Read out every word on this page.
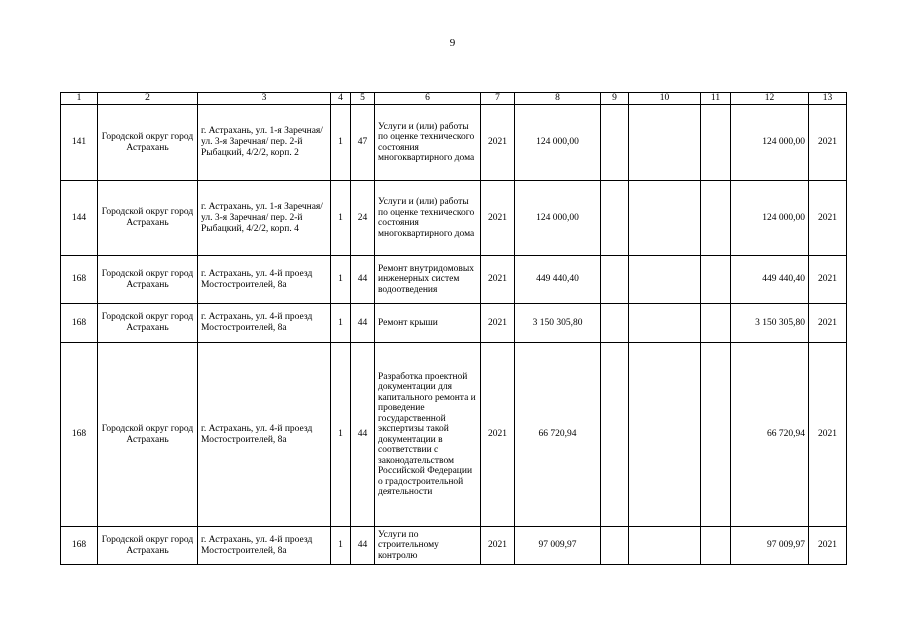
9
1	2	3	4	5	6	7	8	9	10	11	12	13
141	Городской округ город Астрахань	г. Астрахань, ул. 1-я Заречная/ ул. 3-я Заречная/ пер. 2-й Рыбацкий, 4/2/2, корп. 2	1	47	Услуги и (или) работы по оценке технического состояния многоквартирного дома	2021	124 000,00				124 000,00	2021
144	Городской округ город Астрахань	г. Астрахань, ул. 1-я Заречная/ ул. 3-я Заречная/ пер. 2-й Рыбацкий, 4/2/2, корп. 4	1	24	Услуги и (или) работы по оценке технического состояния многоквартирного дома	2021	124 000,00				124 000,00	2021
168	Городской округ город Астрахань	г. Астрахань, ул. 4-й проезд Мостостроителей, 8а	1	44	Ремонт внутридомовых инженерных систем водоотведения	2021	449 440,40				449 440,40	2021
168	Городской округ город Астрахань	г. Астрахань, ул. 4-й проезд Мостостроителей, 8а	1	44	Ремонт крыши	2021	3 150 305,80				3 150 305,80	2021
168	Городской округ город Астрахань	г. Астрахань, ул. 4-й проезд Мостостроителей, 8а	1	44	Разработка проектной документации для капитального ремонта и проведение государственной экспертизы такой документации в соответствии с законодательством Российской Федерации о градостроительной деятельности	2021	66 720,94				66 720,94	2021
168	Городской округ город Астрахань	г. Астрахань, ул. 4-й проезд Мостостроителей, 8а	1	44	Услуги по строительному контролю	2021	97 009,97				97 009,97	2021
